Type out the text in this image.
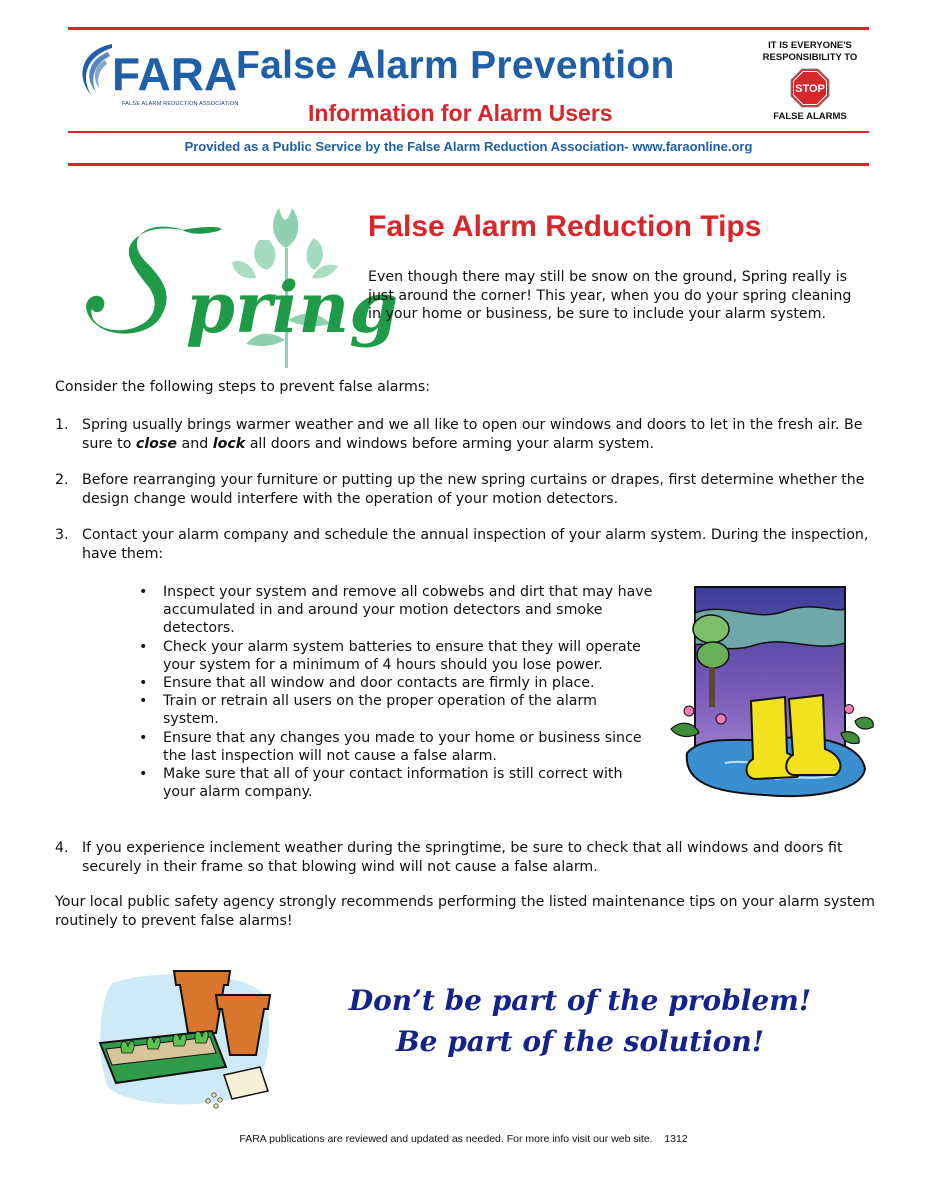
FARA
FALSE ALARM REDUCTION ASSOCIATION
False Alarm Prevention
Information for Alarm Users
IT IS EVERYONE'S
RESPONSIBILITY TO
STOP
FALSE ALARMS
Provided as a Public Service by the False Alarm Reduction Association- www.faraonline.org
pring
False Alarm Reduction Tips
Even though there may still be snow on the ground, Spring really is just around the corner! This year, when you do your spring cleaning in your home or business, be sure to include your alarm system.
Consider the following steps to prevent false alarms:
1. Spring usually brings warmer weather and we all like to open our windows and doors to let in the fresh air. Be sure to close and lock all doors and windows before arming your alarm system.
2. Before rearranging your furniture or putting up the new spring curtains or drapes, first determine whether the design change would interfere with the operation of your motion detectors.
3. Contact your alarm company and schedule the annual inspection of your alarm system. During the inspection, have them:
• Inspect your system and remove all cobwebs and dirt that may have accumulated in and around your motion detectors and smoke detectors.
• Check your alarm system batteries to ensure that they will operate your system for a minimum of 4 hours should you lose power.
• Ensure that all window and door contacts are firmly in place.
• Train or retrain all users on the proper operation of the alarm system.
• Ensure that any changes you made to your home or business since the last inspection will not cause a false alarm.
• Make sure that all of your contact information is still correct with your alarm company.
4. If you experience inclement weather during the springtime, be sure to check that all windows and doors fit securely in their frame so that blowing wind will not cause a false alarm.
Your local public safety agency strongly recommends performing the listed maintenance tips on your alarm system routinely to prevent false alarms!
Don’t be part of the problem!
Be part of the solution!
FARA publications are reviewed and updated as needed. For more info visit our web site.    1312
